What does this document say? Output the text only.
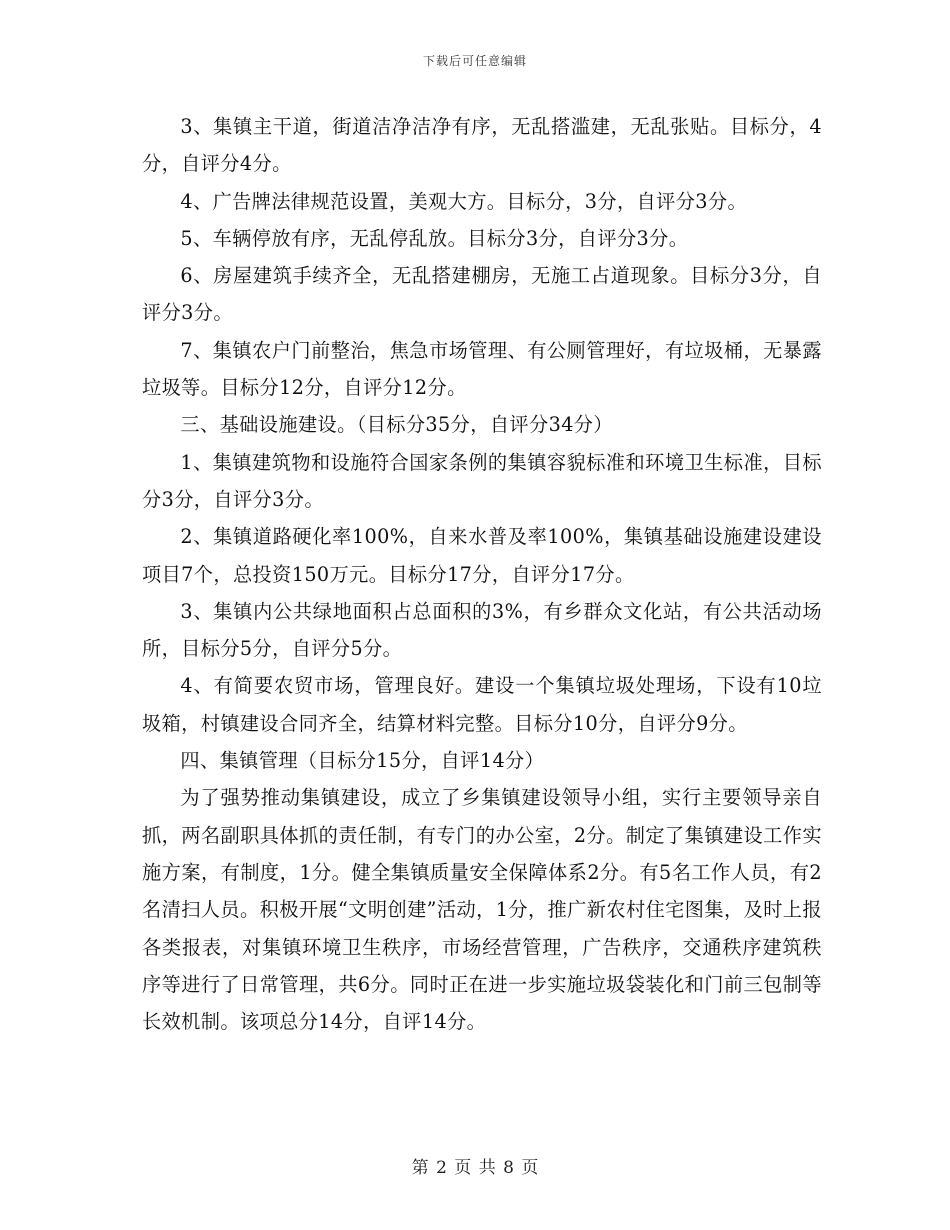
下载后可任意编辑

3、集镇主干道，街道洁净洁净有序，无乱搭滥建，无乱张贴。目标分，4分，自评分4分。

4、广告牌法律规范设置，美观大方。目标分，3分，自评分3分。

5、车辆停放有序，无乱停乱放。目标分3分，自评分3分。

6、房屋建筑手续齐全，无乱搭建棚房，无施工占道现象。目标分3分，自评分3分。

7、集镇农户门前整治，焦急市场管理、有公厕管理好，有垃圾桶，无暴露垃圾等。目标分12分，自评分12分。

三、基础设施建设。（目标分35分，自评分34分）

1、集镇建筑物和设施符合国家条例的集镇容貌标准和环境卫生标准，目标分3分，自评分3分。

2、集镇道路硬化率100%，自来水普及率100%，集镇基础设施建设建设项目7个，总投资150万元。目标分17分，自评分17分。

3、集镇内公共绿地面积占总面积的3%，有乡群众文化站，有公共活动场所，目标分5分，自评分5分。

4、有简要农贸市场，管理良好。建设一个集镇垃圾处理场，下设有10垃圾箱，村镇建设合同齐全，结算材料完整。目标分10分，自评分9分。

四、集镇管理（目标分15分，自评14分）

为了强势推动集镇建设，成立了乡集镇建设领导小组，实行主要领导亲自抓，两名副职具体抓的责任制，有专门的办公室，2分。制定了集镇建设工作实施方案，有制度，1分。健全集镇质量安全保障体系2分。有5名工作人员，有2名清扫人员。积极开展“文明创建”活动，1分，推广新农村住宅图集，及时上报各类报表，对集镇环境卫生秩序，市场经营管理，广告秩序，交通秩序建筑秩序等进行了日常管理，共6分。同时正在进一步实施垃圾袋装化和门前三包制等长效机制。该项总分14分，自评14分。

第 2 页 共 8 页
